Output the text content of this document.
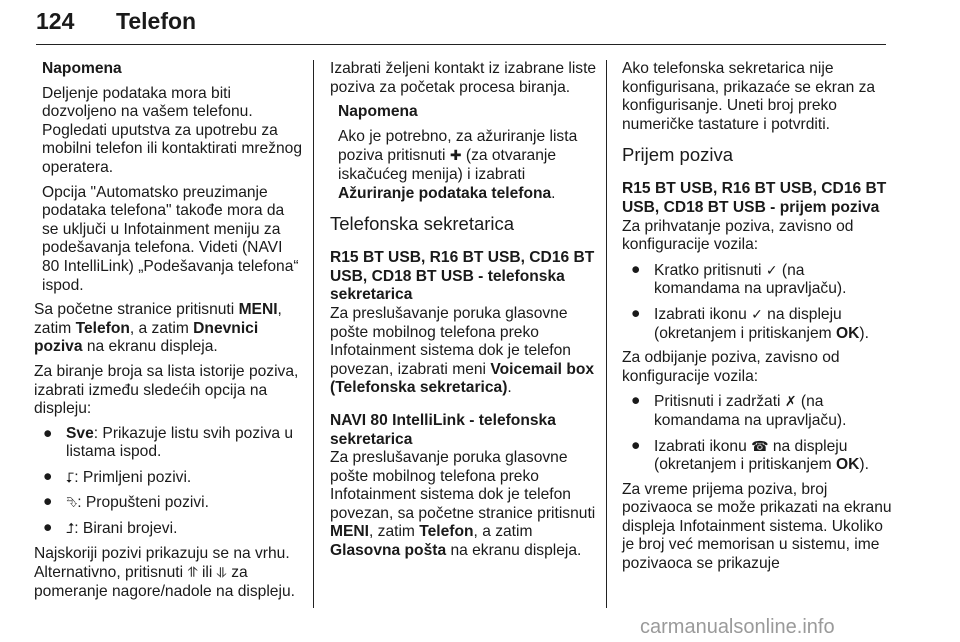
124 Telefon

Napomena

Deljenje podataka mora biti dozvoljeno na vašem telefonu. Pogledati uputstva za upotrebu za mobilni telefon ili kontaktirati mrežnog operatera.

Opcija "Automatsko preuzimanje podataka telefona" takođe mora da se uključi u Infotainment meniju za podešavanja telefona. Videti (NAVI 80 IntelliLink) „Podešavanja telefona“ ispod.

Sa početne stranice pritisnuti MENI, zatim Telefon, a zatim Dnevnici poziva na ekranu displeja.

Za biranje broja sa lista istorije poziva, izabrati između sledećih opcija na displeju:

● Sve: Prikazuje listu svih poziva u listama ispod.
● ⮦: Primljeni pozivi.
● ⮷: Propušteni pozivi.
● ⮥: Birani brojevi.

Najskoriji pozivi prikazuju se na vrhu. Alternativno, pritisnuti ⥣ ili ⥥ za pomeranje nagore/nadole na displeju.

Izabrati željeni kontakt iz izabrane liste poziva za početak procesa biranja.

Napomena

Ako je potrebno, za ažuriranje lista poziva pritisnuti ✚ (za otvaranje iskačućeg menija) i izabrati Ažuriranje podataka telefona.

Telefonska sekretarica
R15 BT USB, R16 BT USB, CD16 BT USB, CD18 BT USB - telefonska sekretarica

Za preslušavanje poruka glasovne pošte mobilnog telefona preko Infotainment sistema dok je telefon povezan, izabrati meni Voicemail box (Telefonska sekretarica).

NAVI 80 IntelliLink - telefonska sekretarica

Za preslušavanje poruka glasovne pošte mobilnog telefona preko Infotainment sistema dok je telefon povezan, sa početne stranice pritisnuti MENI, zatim Telefon, a zatim Glasovna pošta na ekranu displeja.

Ako telefonska sekretarica nije konfigurisana, prikazaće se ekran za konfigurisanje. Uneti broj preko numeričke tastature i potvrditi.

Prijem poziva
R15 BT USB, R16 BT USB, CD16 BT USB, CD18 BT USB - prijem poziva

Za prihvatanje poziva, zavisno od konfiguracije vozila:

● Kratko pritisnuti ✓ (na komandama na upravljaču).
● Izabrati ikonu ✓ na displeju (okretanjem i pritiskanjem OK).

Za odbijanje poziva, zavisno od konfiguracije vozila:

● Pritisnuti i zadržati ✗ (na komandama na upravljaču).
● Izabrati ikonu ☎ na displeju (okretanjem i pritiskanjem OK).

Za vreme prijema poziva, broj pozivaoca se može prikazati na ekranu displeja Infotainment sistema. Ukoliko je broj već memorisan u sistemu, ime pozivaoca se prikazuje

carmanualsonline.info
